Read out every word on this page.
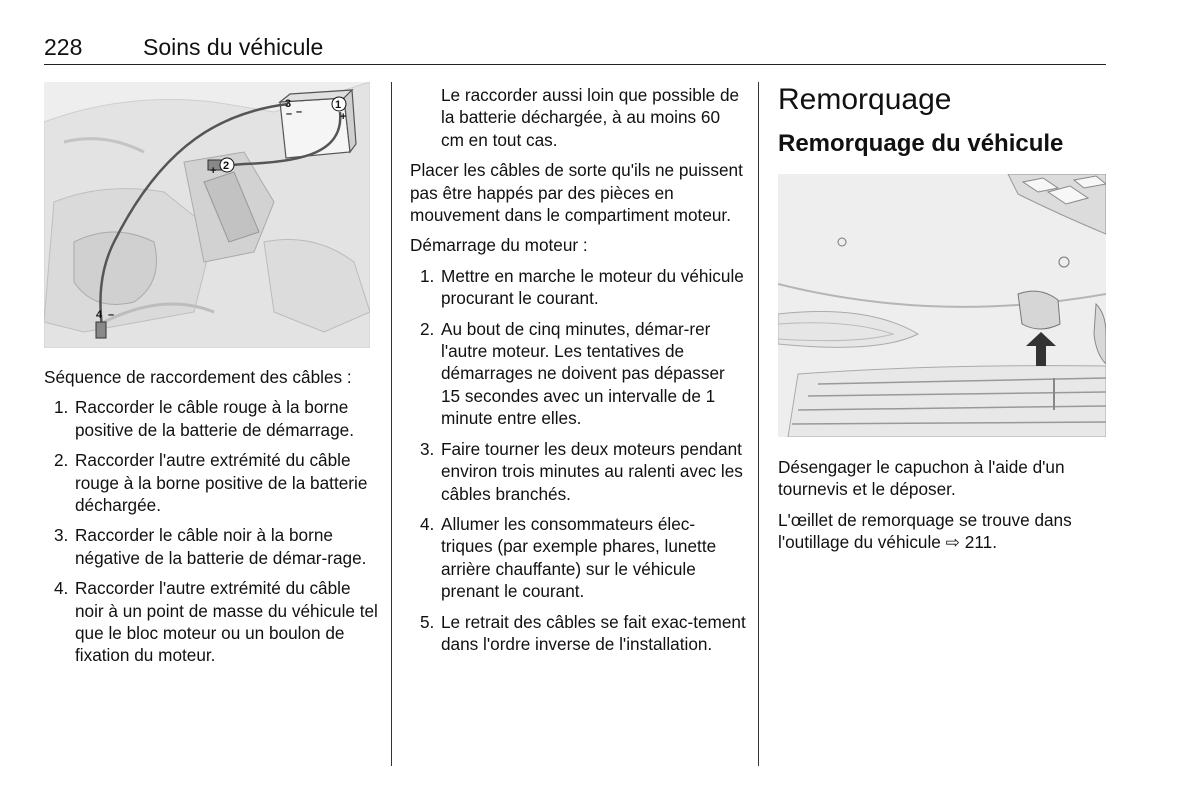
228	Soins du véhicule
1
2
3
4
+
+
– –
–

Séquence de raccordement des câbles :

1. Raccorder le câble rouge à la borne positive de la batterie de démarrage.
2. Raccorder l'autre extrémité du câble rouge à la borne positive de la batterie déchargée.
3. Raccorder le câble noir à la borne négative de la batterie de démar-rage.
4. Raccorder l'autre extrémité du câble noir à un point de masse du véhicule tel que le bloc moteur ou un boulon de fixation du moteur.

Le raccorder aussi loin que possible de la batterie déchargée, à au moins 60 cm en tout cas.

Placer les câbles de sorte qu'ils ne puissent pas être happés par des pièces en mouvement dans le compartiment moteur.

Démarrage du moteur :

1. Mettre en marche le moteur du véhicule procurant le courant.
2. Au bout de cinq minutes, démar-rer l'autre moteur. Les tentatives de démarrages ne doivent pas dépasser 15 secondes avec un intervalle de 1 minute entre elles.
3. Faire tourner les deux moteurs pendant environ trois minutes au ralenti avec les câbles branchés.
4. Allumer les consommateurs élec-triques (par exemple phares, lunette arrière chauffante) sur le véhicule prenant le courant.
5. Le retrait des câbles se fait exac-tement dans l'ordre inverse de l'installation.
Remorquage
Remorquage du véhicule

Désengager le capuchon à l'aide d'un tournevis et le déposer.

L'œillet de remorquage se trouve dans l'outillage du véhicule ⇨ 211.
